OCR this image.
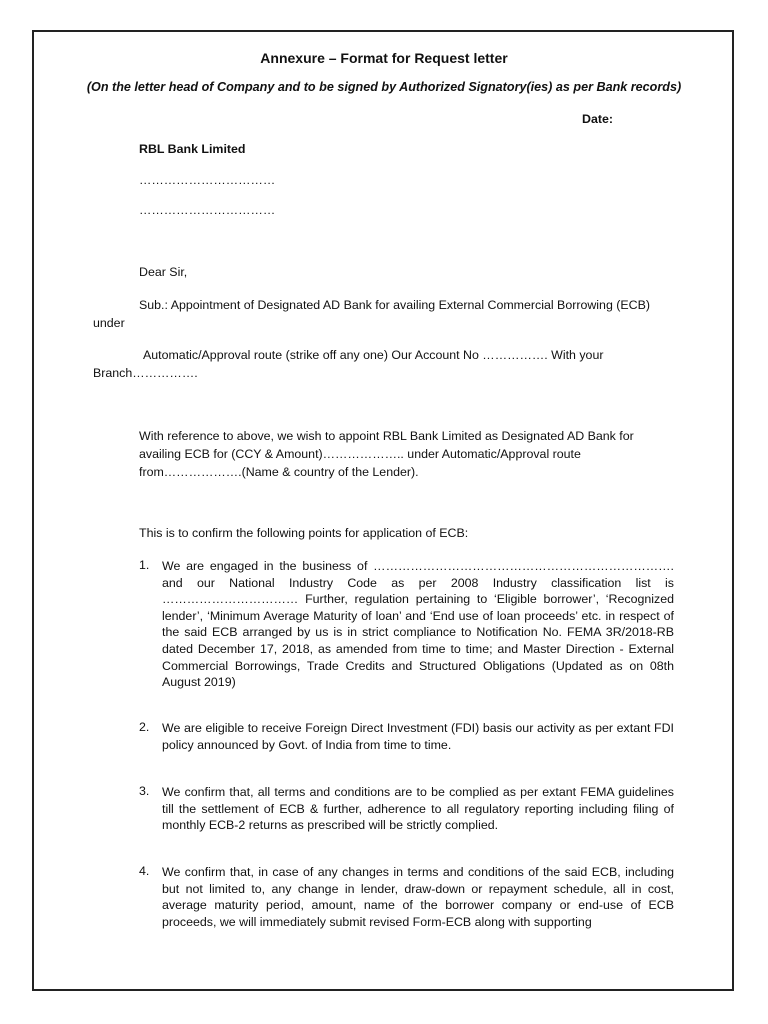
Annexure – Format for Request letter
(On the letter head of Company and to be signed by Authorized Signatory(ies) as per Bank records)
Date:
RBL Bank Limited
……………………………
……………………………
Dear Sir,
Sub.: Appointment of Designated AD Bank for availing External Commercial Borrowing (ECB) under
Automatic/Approval route (strike off any one) Our Account No ……………. With your Branch…………….
With reference to above, we wish to appoint RBL Bank Limited as Designated AD Bank for availing ECB for (CCY & Amount)……………….. under Automatic/Approval route from……………….(Name & country of the Lender).
This is to confirm the following points for application of ECB:
1. We are engaged in the business of ………………………………………………………………. and our National Industry Code as per 2008 Industry classification list is …………………………… Further, regulation pertaining to ‘Eligible borrower’, ‘Recognized lender’, ‘Minimum Average Maturity of loan’ and ‘End use of loan proceeds’ etc. in respect of the said ECB arranged by us is in strict compliance to Notification No. FEMA 3R/2018-RB dated December 17, 2018, as amended from time to time; and Master Direction - External Commercial Borrowings, Trade Credits and Structured Obligations (Updated as on 08th August 2019)
2. We are eligible to receive Foreign Direct Investment (FDI) basis our activity as per extant FDI policy announced by Govt. of India from time to time.
3. We confirm that, all terms and conditions are to be complied as per extant FEMA guidelines till the settlement of ECB & further, adherence to all regulatory reporting including filing of monthly ECB-2 returns as prescribed will be strictly complied.
4. We confirm that, in case of any changes in terms and conditions of the said ECB, including but not limited to, any change in lender, draw-down or repayment schedule, all in cost, average maturity period, amount, name of the borrower company or end-use of ECB proceeds, we will immediately submit revised Form-ECB along with supporting
